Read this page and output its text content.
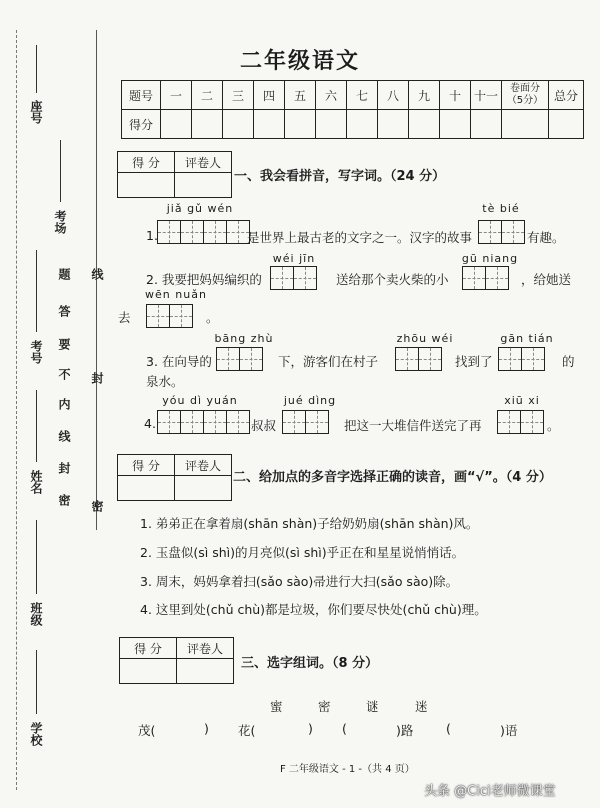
座号
考场
考号
姓名
班级
学校
题
答
要
不
内
线
封
密
线
封
密
二年级语文
题号	一	二	三	四	五	六	七	八	九	十	十一	卷面分（5分）	总分
得分													
得 分	评卷人

一、我会看拼音，写字词。（24 分）
jiǎ gǔ wén
1.	是世界上最古老的文字之一。汉字的故事
tè bié
有趣。
wéi jīn
2. 我要把妈妈编织的	送给那个卖火柴的小
gū niang
，给她送
wēn nuǎn
去	。
bāng zhù
3. 在向导的	下，游客们在村子
zhōu wéi
找到了
gān tián
的
泉水。
yóu dì yuán
4.	叔叔
jué dìng
把这一大堆信件送完了再
xiū xi
。
得 分	评卷人

二、给加点的多音字选择正确的读音，画“√”。（4 分）
1. 弟弟正在拿着扇(shān shàn)子给奶奶扇(shān shàn)风。
2. 玉盘似(sì shì)的月亮似(sì shì)乎正在和星星说悄悄话。
3. 周末，妈妈拿着扫(sǎo sào)帚进行大扫(sǎo sào)除。
4. 这里到处(chǔ chù)都是垃圾，你们要尽快处(chǔ chù)理。
得 分	评卷人

三、选字组词。（8 分）
蜜	密	谜	迷
茂(	) 花(	) (	)路	(	)语
F 二年级语文 - 1 -（共 4 页）
头条 @Cici老师微课堂
